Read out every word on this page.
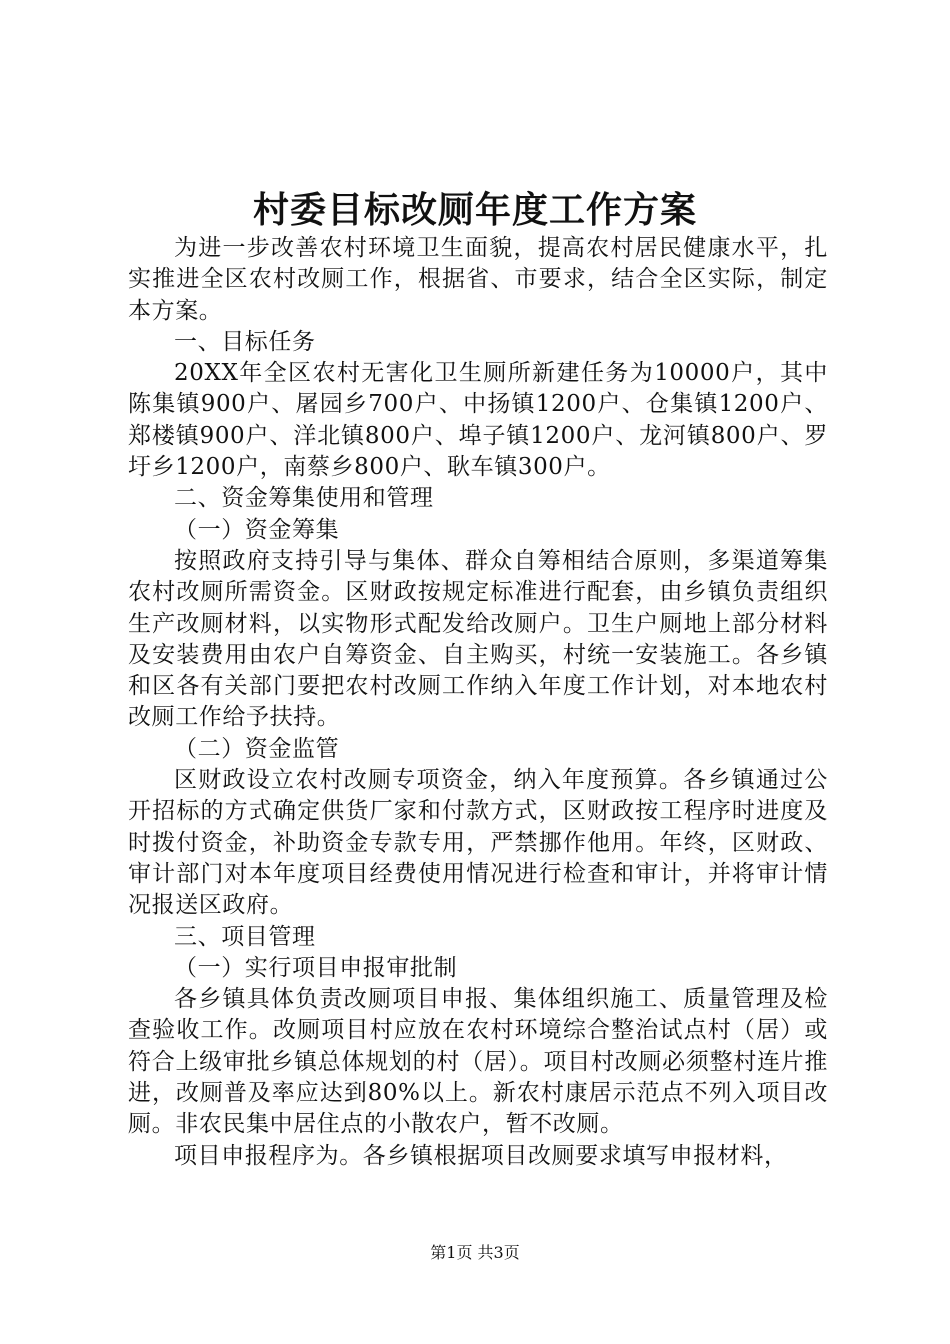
村委目标改厕年度工作方案

为进一步改善农村环境卫生面貌，提高农村居民健康水平，扎实推进全区农村改厕工作，根据省、市要求，结合全区实际，制定本方案。

一、目标任务

20XX年全区农村无害化卫生厕所新建任务为10000户，其中陈集镇900户、屠园乡700户、中扬镇1200户、仓集镇1200户、郑楼镇900户、洋北镇800户、埠子镇1200户、龙河镇800户、罗圩乡1200户，南蔡乡800户、耿车镇300户。

二、资金筹集使用和管理

（一）资金筹集

按照政府支持引导与集体、群众自筹相结合原则，多渠道筹集农村改厕所需资金。区财政按规定标准进行配套，由乡镇负责组织生产改厕材料，以实物形式配发给改厕户。卫生户厕地上部分材料及安装费用由农户自筹资金、自主购买，村统一安装施工。各乡镇和区各有关部门要把农村改厕工作纳入年度工作计划，对本地农村改厕工作给予扶持。

（二）资金监管

区财政设立农村改厕专项资金，纳入年度预算。各乡镇通过公开招标的方式确定供货厂家和付款方式，区财政按工程序时进度及时拨付资金，补助资金专款专用，严禁挪作他用。年终，区财政、审计部门对本年度项目经费使用情况进行检查和审计，并将审计情况报送区政府。

三、项目管理

（一）实行项目申报审批制

各乡镇具体负责改厕项目申报、集体组织施工、质量管理及检查验收工作。改厕项目村应放在农村环境综合整治试点村（居）或符合上级审批乡镇总体规划的村（居）。项目村改厕必须整村连片推进，改厕普及率应达到80%以上。新农村康居示范点不列入项目改厕。非农民集中居住点的小散农户，暂不改厕。

项目申报程序为。各乡镇根据项目改厕要求填写申报材料，

第1页 共3页
